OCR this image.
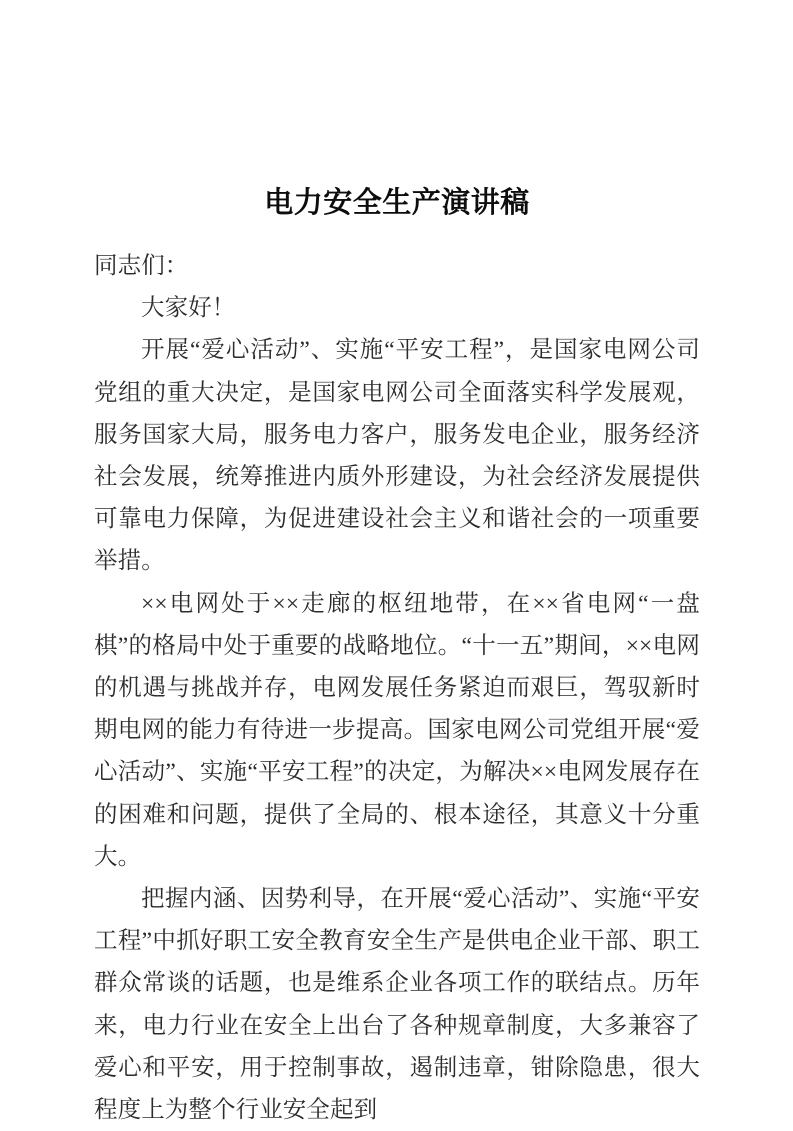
电力安全生产演讲稿

同志们：

大家好！

开展“爱心活动”、实施“平安工程”，是国家电网公司党组的重大决定，是国家电网公司全面落实科学发展观，服务国家大局，服务电力客户，服务发电企业，服务经济社会发展，统筹推进内质外形建设，为社会经济发展提供可靠电力保障，为促进建设社会主义和谐社会的一项重要举措。

××电网处于××走廊的枢纽地带，在××省电网“一盘棋”的格局中处于重要的战略地位。“十一五”期间，××电网的机遇与挑战并存，电网发展任务紧迫而艰巨，驾驭新时期电网的能力有待进一步提高。国家电网公司党组开展“爱心活动”、实施“平安工程”的决定，为解决××电网发展存在的困难和问题，提供了全局的、根本途径，其意义十分重大。

把握内涵、因势利导，在开展“爱心活动”、实施“平安工程”中抓好职工安全教育安全生产是供电企业干部、职工群众常谈的话题，也是维系企业各项工作的联结点。历年来，电力行业在安全上出台了各种规章制度，大多兼容了爱心和平安，用于控制事故，遏制违章，钳除隐患，很大程度上为整个行业安全起到
